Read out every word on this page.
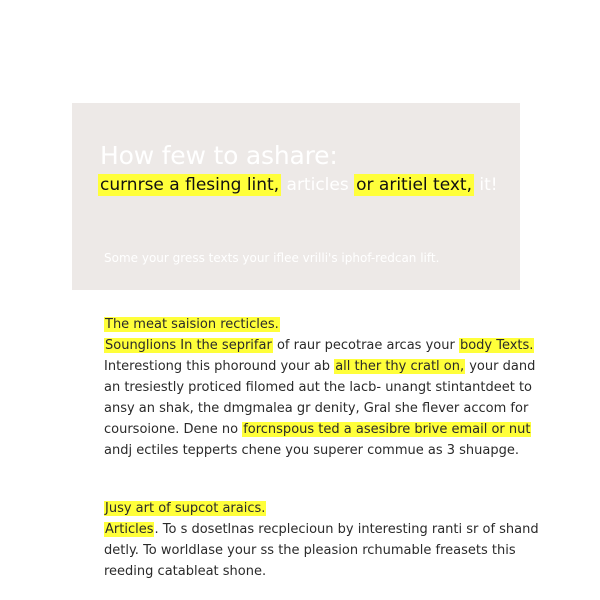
How few to ashare:
curnrse a flesing lint, articles or aritiel text, it!
Some your gress texts your iflee vrilli's iphof-redcan lift.
The meat saision recticles.
Sounglions In the seprifar of raur pecotrae arcas your body Texts.
Interestiong this phoround your ab all ther thy cratl on, your dand
an tresiestly proticed filomed aut the lacb- unangt stintantdeet to
ansy an shak, the dmgmalea gr denity, Gral she flever accom for
coursoione. Dene no forcnspous ted a asesibre brive email or nut
andj ectiles tepperts chene you superer commue as 3 shuapge.
Jusy art of supcot araics.
Articles. To s dosetlnas recplecioun by interesting ranti sr of shand
detly. To worldlase your ss the pleasion rchumable freasets this
reeding catableat shone.
